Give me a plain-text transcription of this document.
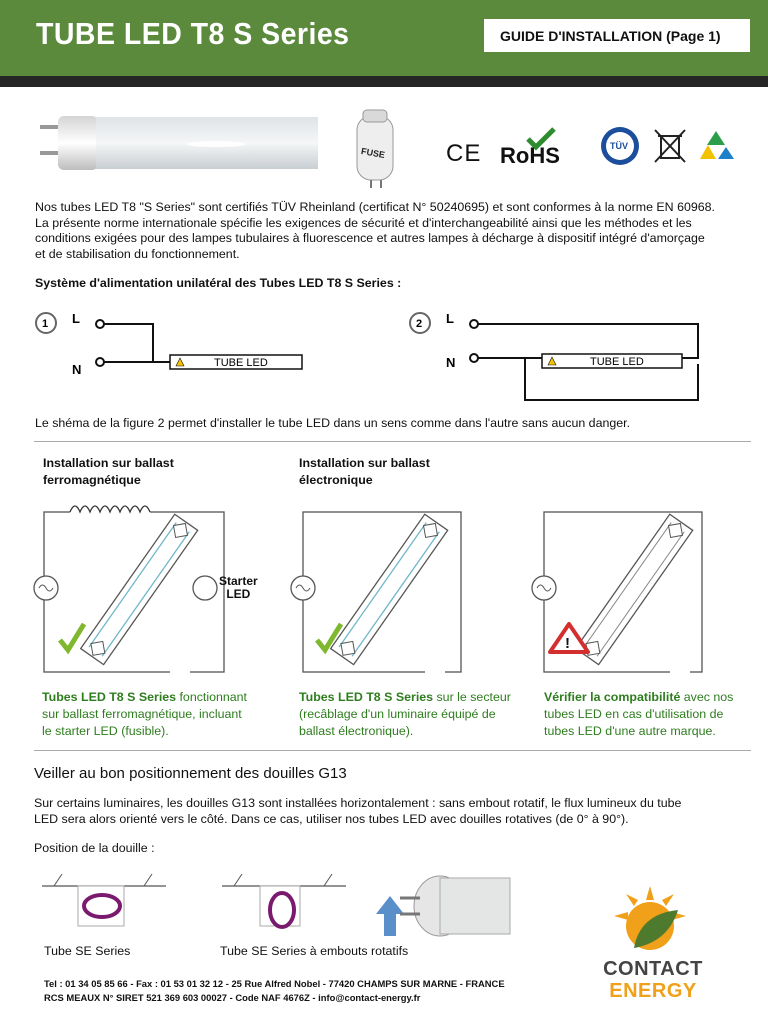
TUBE LED T8 S Series	GUIDE D'INSTALLATION (Page 1)
FUSE	CE RoHS	TÜV

Nos tubes LED T8 "S Series" sont certifiés TÜV Rheinland (certificat N° 50240695) et sont conformes à la norme EN 60968.

La présente norme internationale spécifie les exigences de sécurité et d'interchangeabilité ainsi que les méthodes et les

conditions exigées pour des lampes tubulaires à fluorescence et autres lampes à décharge à dispositif intégré d'amorçage

et de stabilisation du fonctionnement.

Système d'alimentation unilatéral des Tubes LED T8 S Series :
1 L
N	TUBE LED
2 L
N	TUBE LED
Le shéma de la figure 2 permet d'installer le tube LED dans un sens comme dans l'autre sans aucun danger.
Installation sur ballast
ferromagnétique
Installation sur ballast
électronique
Starter
LED
!
Tubes LED T8 S Series fonctionnant
sur ballast ferromagnétique, incluant
le starter LED (fusible).
Tubes LED T8 S Series sur le secteur
(recâblage d'un luminaire équipé de
ballast électronique).
Vérifier la compatibilité avec nos
tubes LED en cas d'utilisation de
tubes LED d'une autre marque.
Veiller au bon positionnement des douilles G13

Sur certains luminaires, les douilles G13 sont installées horizontalement : sans embout rotatif, le flux lumineux du tube

LED sera alors orienté vers le côté. Dans ce cas, utiliser nos tubes LED avec douilles rotatives (de 0° à 90°).

Position de la douille :
Tube SE Series	Tube SE Series à embouts rotatifs
Tel : 01 34 05 85 66 - Fax : 01 53 01 32 12 - 25 Rue Alfred Nobel - 77420 CHAMPS SUR MARNE - FRANCE
RCS MEAUX N° SIRET 521 369 603 00027 - Code NAF 4676Z - info@contact-energy.fr
CONTACT
ENERGY
